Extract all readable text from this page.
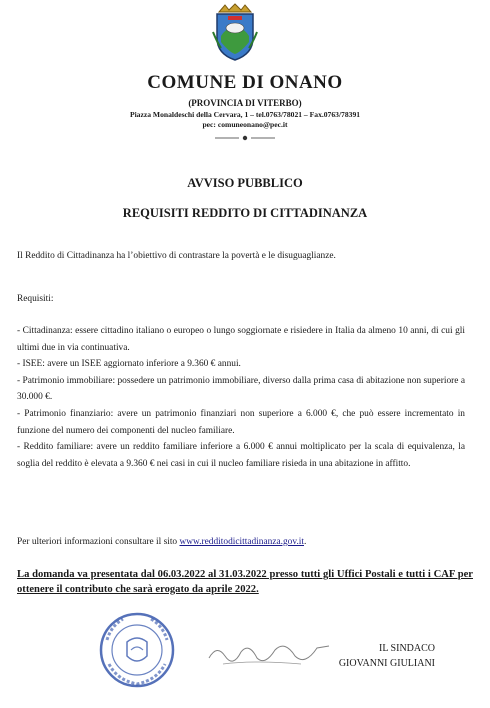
COMUNE DI ONANO
(PROVINCIA DI VITERBO)
Piazza Monaldeschi della Cervara, 1 – tel.0763/78021 – Fax.0763/78391
pec: comuneonano@pec.it
AVVISO PUBBLICO
REQUISITI REDDITO DI CITTADINANZA
Il Reddito di Cittadinanza ha l’obiettivo di contrastare la povertà e le disuguaglianze.
Requisiti:

- Cittadinanza: essere cittadino italiano o europeo o lungo soggiornate e risiedere in Italia da almeno 10 anni, di cui gli ultimi due in via continuativa.

- ISEE: avere un ISEE aggiornato inferiore a 9.360 € annui.

- Patrimonio immobiliare: possedere un patrimonio immobiliare, diverso dalla prima casa di abitazione non superiore a 30.000 €.

- Patrimonio finanziario: avere un patrimonio finanziari non superiore a 6.000 €, che può essere incrementato in funzione del numero dei componenti del nucleo familiare.

- Reddito familiare: avere un reddito familiare inferiore a 6.000 € annui moltiplicato per la scala di equivalenza, la soglia del reddito è elevata a 9.360 € nei casi in cui il nucleo familiare risieda in una abitazione in affitto.

Per ulteriori informazioni consultare il sito www.redditodicittadinanza.gov.it.
La domanda va presentata dal 06.03.2022 al 31.03.2022 presso tutti gli Uffici Postali e tutti i CAF per ottenere il contributo che sarà erogato da aprile 2022.
IL SINDACO
GIOVANNI GIULIANI
